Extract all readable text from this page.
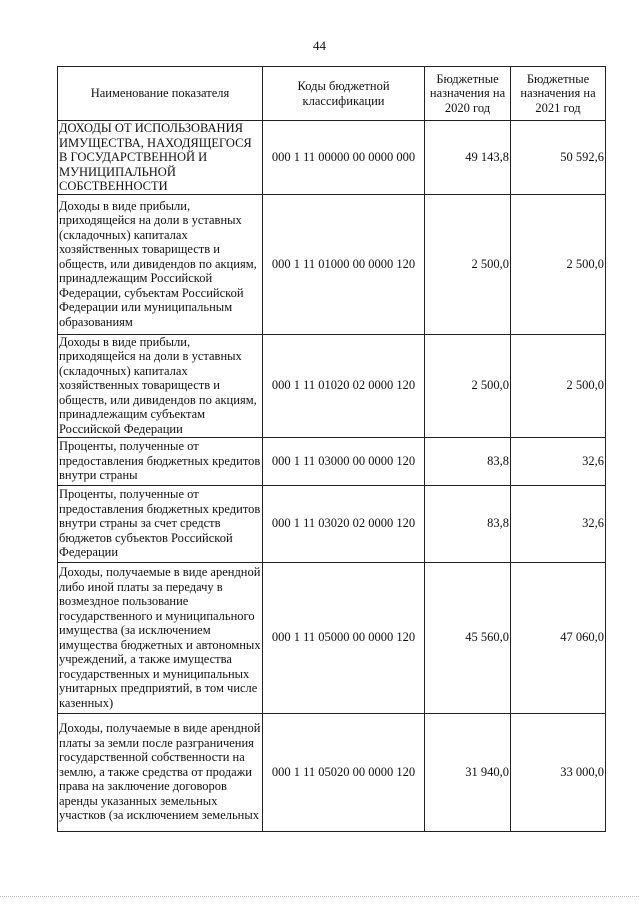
44
Наименование показателя	Коды бюджетной классификации	Бюджетные назначения на 2020 год	Бюджетные назначения на 2021 год
ДОХОДЫ ОТ ИСПОЛЬЗОВАНИЯ ИМУЩЕСТВА, НАХОДЯЩЕГОСЯ В ГОСУДАРСТВЕННОЙ И МУНИЦИПАЛЬНОЙ СОБСТВЕННОСТИ	000 1 11 00000 00 0000 000	49 143,8	50 592,6
Доходы в виде прибыли, приходящейся на доли в уставных (складочных) капиталах хозяйственных товариществ и обществ, или дивидендов по акциям, принадлежащим Российской Федерации, субъектам Российской Федерации или муниципальным образованиям	000 1 11 01000 00 0000 120	2 500,0	2 500,0
Доходы в виде прибыли, приходящейся на доли в уставных (складочных) капиталах хозяйственных товариществ и обществ, или дивидендов по акциям, принадлежащим субъектам Российской Федерации	000 1 11 01020 02 0000 120	2 500,0	2 500,0
Проценты, полученные от предоставления бюджетных кредитов внутри страны	000 1 11 03000 00 0000 120	83,8	32,6
Проценты, полученные от предоставления бюджетных кредитов внутри страны за счет средств бюджетов субъектов Российской Федерации	000 1 11 03020 02 0000 120	83,8	32,6
Доходы, получаемые в виде арендной либо иной платы за передачу в возмездное пользование государственного и муниципального имущества (за исключением имущества бюджетных и автономных учреждений, а также имущества государственных и муниципальных унитарных предприятий, в том числе казенных)	000 1 11 05000 00 0000 120	45 560,0	47 060,0
Доходы, получаемые в виде арендной платы за земли после разграничения государственной собственности на землю, а также средства от продажи права на заключение договоров аренды указанных земельных участков (за исключением земельных	000 1 11 05020 00 0000 120	31 940,0	33 000,0
